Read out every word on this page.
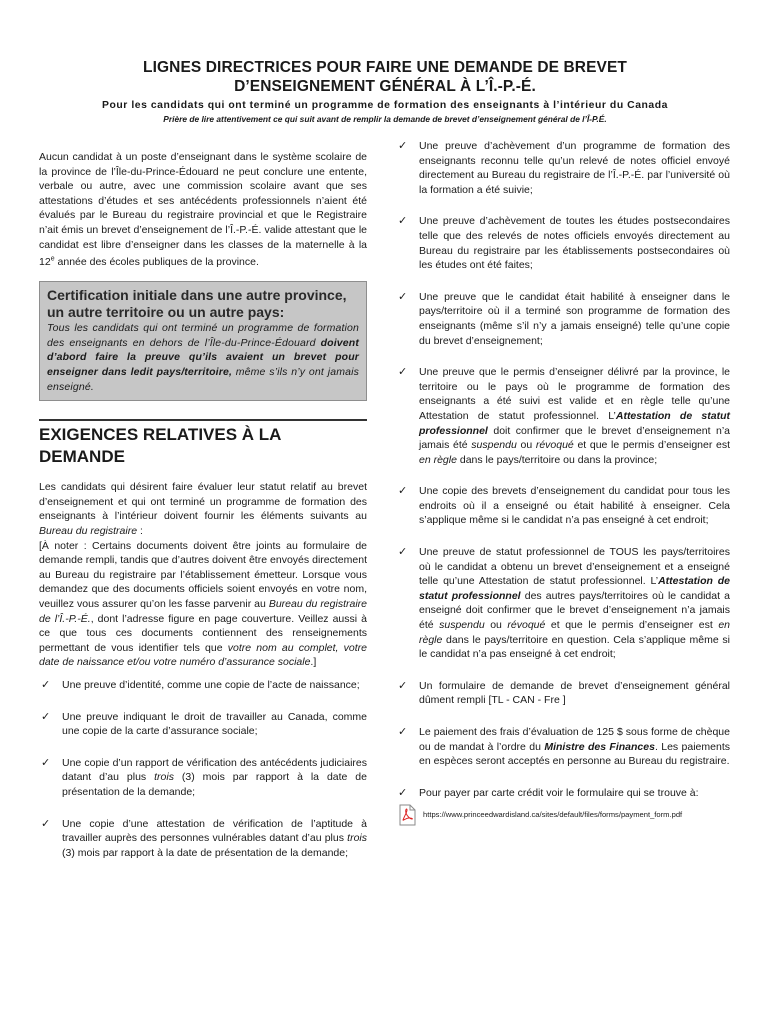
LIGNES DIRECTRICES POUR FAIRE UNE DEMANDE DE BREVET
D’ENSEIGNEMENT GÉNÉRAL À L’Î.-P.-É.
Pour les candidats qui ont terminé un programme de formation des enseignants à l’intérieur du Canada
Prière de lire attentivement ce qui suit avant de remplir la demande de brevet d’enseignement général de l’Î-P.É.

Aucun candidat à un poste d’enseignant dans le système scolaire de la province de l’Île-du-Prince-Édouard ne peut conclure une entente, verbale ou autre, avec une commission scolaire avant que ses attestations d’études et ses antécédents professionnels n’aient été évalués par le Bureau du registraire provincial et que le Registraire n’ait émis un brevet d’enseignement de l’Î.-P.-É. valide attestant que le candidat est libre d’enseigner dans les classes de la maternelle à la 12e année des écoles publiques de la province.

Certification initiale dans une autre province, un autre territoire ou un autre pays:
Tous les candidats qui ont terminé un programme de formation des enseignants en dehors de l’Île-du-Prince-Édouard doivent d’abord faire la preuve qu’ils avaient un brevet pour enseigner dans ledit pays/territoire, même s’ils n’y ont jamais enseigné.
EXIGENCES RELATIVES À LA DEMANDE

Les candidats qui désirent faire évaluer leur statut relatif au brevet d’enseignement et qui ont terminé un programme de formation des enseignants à l’intérieur doivent fournir les éléments suivants au Bureau du registraire :
[À noter : Certains documents doivent être joints au formulaire de demande rempli, tandis que d’autres doivent être envoyés directement au Bureau du registraire par l’établissement émetteur. Lorsque vous demandez que des documents officiels soient envoyés en votre nom, veuillez vous assurer qu’on les fasse parvenir au Bureau du registraire de l’Î.-P.-É., dont l’adresse figure en page couverture. Veillez aussi à ce que tous ces documents contiennent des renseignements permettant de vous identifier tels que votre nom au complet, votre date de naissance et/ou votre numéro d’assurance sociale.]

✓ Une preuve d’identité, comme une copie de l’acte de naissance;
✓ Une preuve indiquant le droit de travailler au Canada, comme une copie de la carte d’assurance sociale;
✓ Une copie d’un rapport de vérification des antécédents judiciaires datant d’au plus trois (3) mois par rapport à la date de présentation de la demande;
✓ Une copie d’une attestation de vérification de l’aptitude à travailler auprès des personnes vulnérables datant d’au plus trois (3) mois par rapport à la date de présentation de la demande;
✓ Une preuve d’achèvement d’un programme de formation des enseignants reconnu telle qu’un relevé de notes officiel envoyé directement au Bureau du registraire de l’Î.-P.-É. par l’université où la formation a été suivie;
✓ Une preuve d’achèvement de toutes les études postsecondaires telle que des relevés de notes officiels envoyés directement au Bureau du registraire par les établissements postsecondaires où les études ont été faites;
✓ Une preuve que le candidat était habilité à enseigner dans le pays/territoire où il a terminé son programme de formation des enseignants (même s’il n’y a jamais enseigné) telle qu’une copie du brevet d’enseignement;
✓ Une preuve que le permis d’enseigner délivré par la province, le territoire ou le pays où le programme de formation des enseignants a été suivi est valide et en règle telle qu’une Attestation de statut professionnel. L’Attestation de statut professionnel doit confirmer que le brevet d’enseignement n’a jamais été suspendu ou révoqué et que le permis d’enseigner est en règle dans le pays/territoire ou dans la province;
✓ Une copie des brevets d’enseignement du candidat pour tous les endroits où il a enseigné ou était habilité à enseigner. Cela s’applique même si le candidat n’a pas enseigné à cet endroit;
✓ Une preuve de statut professionnel de TOUS les pays/territoires où le candidat a obtenu un brevet d’enseignement et a enseigné telle qu’une Attestation de statut professionnel. L’Attestation de statut professionnel des autres pays/territoires où le candidat a enseigné doit confirmer que le brevet d’enseignement n’a jamais été suspendu ou révoqué et que le permis d’enseigner est en règle dans le pays/territoire en question. Cela s’applique même si le candidat n’a pas enseigné à cet endroit;
✓ Un formulaire de demande de brevet d’enseignement général dûment rempli [TL - CAN - Fre ]
✓ Le paiement des frais d’évaluation de 125 $ sous forme de chèque ou de mandat à l’ordre du Ministre des Finances. Les paiements en espèces seront acceptés en personne au Bureau du registraire.
✓ Pour payer par carte crédit voir le formulaire qui se trouve à:
https://www.princeedwardisland.ca/sites/default/files/forms/payment_form.pdf
